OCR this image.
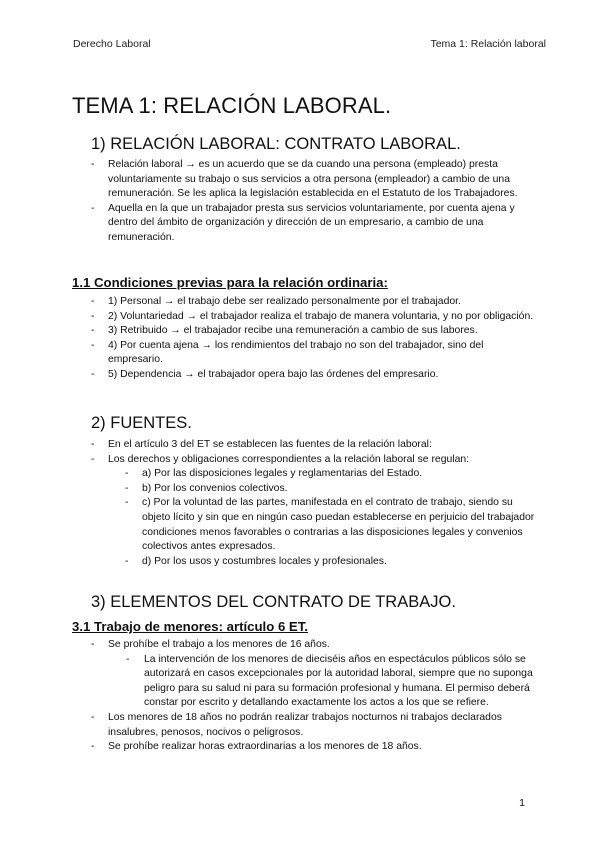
Derecho Laboral	Tema 1: Relación laboral
TEMA 1: RELACIÓN LABORAL.
1) RELACIÓN LABORAL: CONTRATO LABORAL.
- Relación laboral → es un acuerdo que se da cuando una persona (empleado) presta voluntariamente su trabajo o sus servicios a otra persona (empleador) a cambio de una remuneración. Se les aplica la legislación establecida en el Estatuto de los Trabajadores.
- Aquella en la que un trabajador presta sus servicios voluntariamente, por cuenta ajena y dentro del ámbito de organización y dirección de un empresario, a cambio de una remuneración.
1.1 Condiciones previas para la relación ordinaria:
- 1) Personal → el trabajo debe ser realizado personalmente por el trabajador.
- 2) Voluntariedad → el trabajador realiza el trabajo de manera voluntaria, y no por obligación.
- 3) Retribuido → el trabajador recibe una remuneración a cambio de sus labores.
- 4) Por cuenta ajena → los rendimientos del trabajo no son del trabajador, sino del empresario.
- 5) Dependencia → el trabajador opera bajo las órdenes del empresario.
2) FUENTES.
- En el artículo 3 del ET se establecen las fuentes de la relación laboral:
- Los derechos y obligaciones correspondientes a la relación laboral se regulan:
- a) Por las disposiciones legales y reglamentarias del Estado.
- b) Por los convenios colectivos.
- c) Por la voluntad de las partes, manifestada en el contrato de trabajo, siendo su objeto lícito y sin que en ningún caso puedan establecerse en perjuicio del trabajador condiciones menos favorables o contrarias a las disposiciones legales y convenios colectivos antes expresados.
- d) Por los usos y costumbres locales y profesionales.
3) ELEMENTOS DEL CONTRATO DE TRABAJO.
3.1 Trabajo de menores: artículo 6 ET.
- Se prohíbe el trabajo a los menores de 16 años.
- La intervención de los menores de dieciséis años en espectáculos públicos sólo se autorizará en casos excepcionales por la autoridad laboral, siempre que no suponga peligro para su salud ni para su formación profesional y humana. El permiso deberá constar por escrito y detallando exactamente los actos a los que se refiere.
- Los menores de 18 años no podrán realizar trabajos nocturnos ni trabajos declarados insalubres, penosos, nocivos o peligrosos.
- Se prohíbe realizar horas extraordinarias a los menores de 18 años.
1
